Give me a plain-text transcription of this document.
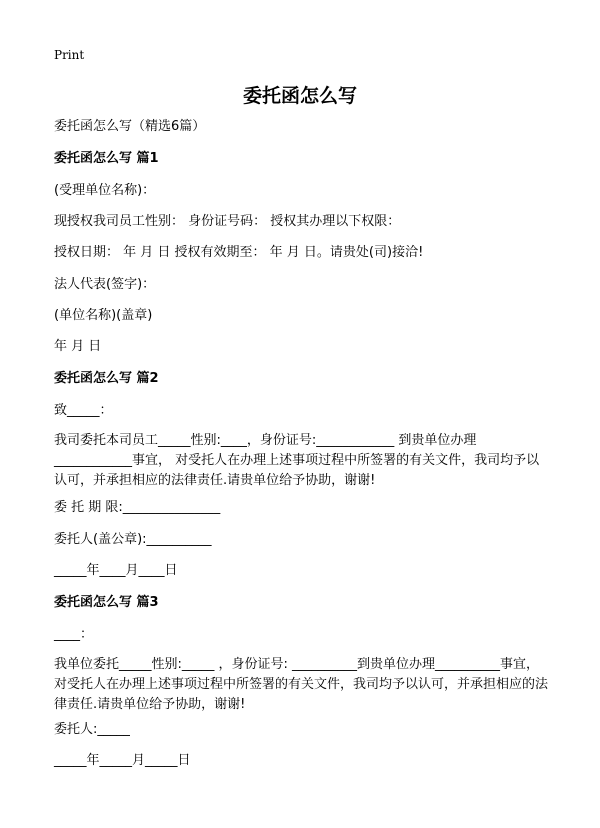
Print
委托函怎么写
委托函怎么写（精选6篇）
委托函怎么写 篇1
(受理单位名称)：
现授权我司员工性别： 身份证号码： 授权其办理以下权限：
授权日期： 年 月 日 授权有效期至： 年 月 日。请贵处(司)接洽!
法人代表(签字)：
(单位名称)(盖章)
年 月 日
委托函怎么写 篇2
致_____：
我司委托本司员工_____性别:____，身份证号:____________ 到贵单位办理____________事宜， 对受托人在办理上述事项过程中所签署的有关文件，我司均予以认可，并承担相应的法律责任.请贵单位给予协助，谢谢!
委 托 期 限:_______________
委托人(盖公章):__________
_____年____月____日
委托函怎么写 篇3
____：
我单位委托_____性别:_____ ，身份证号: __________到贵单位办理__________事宜， 对受托人在办理上述事项过程中所签署的有关文件，我司均予以认可，并承担相应的法律责任.请贵单位给予协助，谢谢!
委托人:_____
_____年_____月_____日
